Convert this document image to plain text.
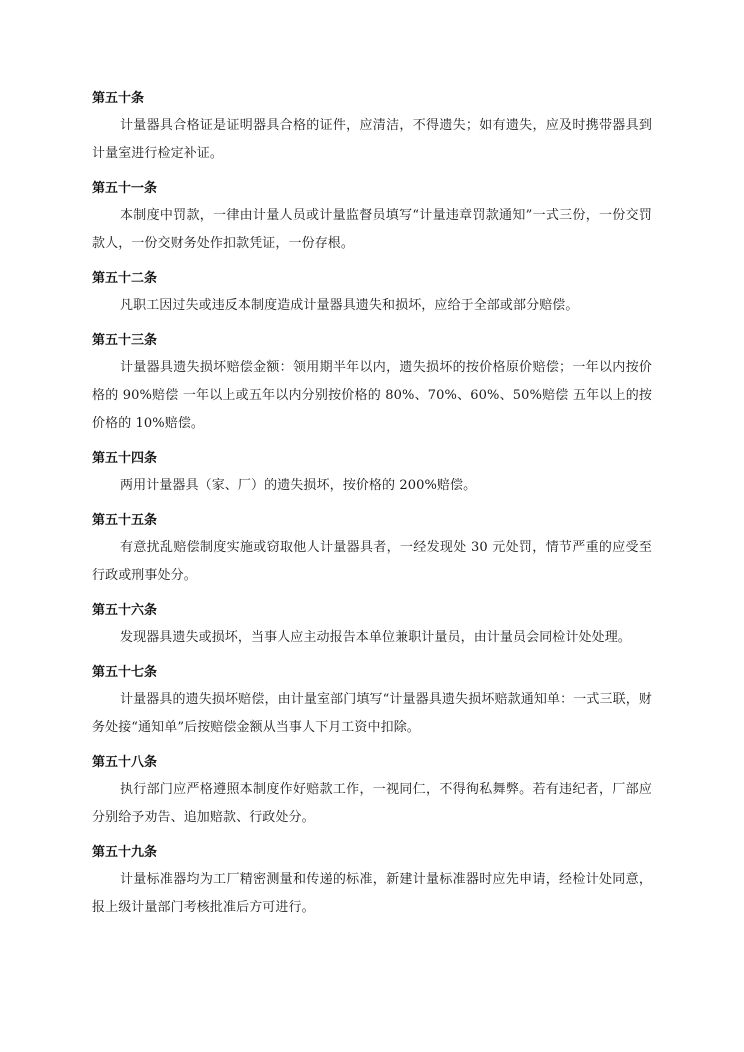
第五十条

计量器具合格证是证明器具合格的证件，应清洁，不得遗失；如有遗失，应及时携带器具到计量室进行检定补证。

第五十一条

本制度中罚款，一律由计量人员或计量监督员填写“计量违章罚款通知”一式三份，一份交罚款人，一份交财务处作扣款凭证，一份存根。

第五十二条

凡职工因过失或违反本制度造成计量器具遗失和损坏，应给于全部或部分赔偿。

第五十三条

计量器具遗失损坏赔偿金额：领用期半年以内，遗失损坏的按价格原价赔偿；一年以内按价格的 90%赔偿 一年以上或五年以内分别按价格的 80%、70%、60%、50%赔偿 五年以上的按价格的 10%赔偿。

第五十四条

两用计量器具（家、厂）的遗失损坏，按价格的 200%赔偿。

第五十五条

有意扰乱赔偿制度实施或窃取他人计量器具者，一经发现处 30 元处罚，情节严重的应受至行政或刑事处分。

第五十六条

发现器具遗失或损坏，当事人应主动报告本单位兼职计量员，由计量员会同检计处处理。

第五十七条

计量器具的遗失损坏赔偿，由计量室部门填写“计量器具遗失损坏赔款通知单：一式三联，财务处接“通知单”后按赔偿金额从当事人下月工资中扣除。

第五十八条

执行部门应严格遵照本制度作好赔款工作，一视同仁，不得徇私舞弊。若有违纪者，厂部应分别给予劝告、追加赔款、行政处分。

第五十九条

计量标准器均为工厂精密测量和传递的标准，新建计量标准器时应先申请，经检计处同意，报上级计量部门考核批准后方可进行。
